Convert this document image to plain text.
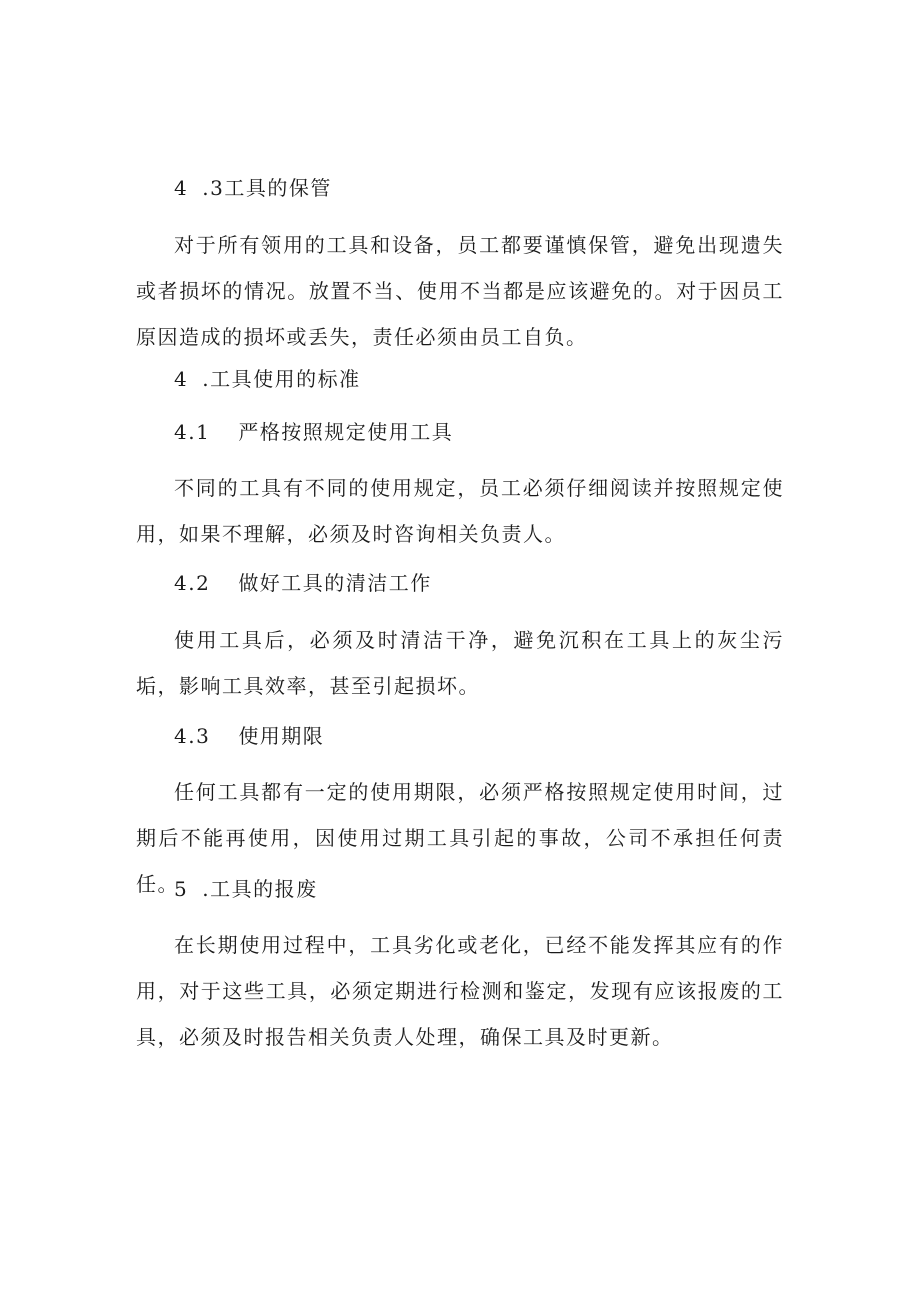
4 .3工具的保管
对于所有领用的工具和设备，员工都要谨慎保管，避免出现遗失或者损坏的情况。放置不当、使用不当都是应该避免的。对于因员工原因造成的损坏或丢失，责任必须由员工自负。
4 .工具使用的标准
4.1 严格按照规定使用工具
不同的工具有不同的使用规定，员工必须仔细阅读并按照规定使用，如果不理解，必须及时咨询相关负责人。
4.2 做好工具的清洁工作
使用工具后，必须及时清洁干净，避免沉积在工具上的灰尘污垢，影响工具效率，甚至引起损坏。
4.3 使用期限
任何工具都有一定的使用期限，必须严格按照规定使用时间，过期后不能再使用，因使用过期工具引起的事故，公司不承担任何责任。
5 .工具的报废
在长期使用过程中，工具劣化或老化，已经不能发挥其应有的作用，对于这些工具，必须定期进行检测和鉴定，发现有应该报废的工具，必须及时报告相关负责人处理，确保工具及时更新。
